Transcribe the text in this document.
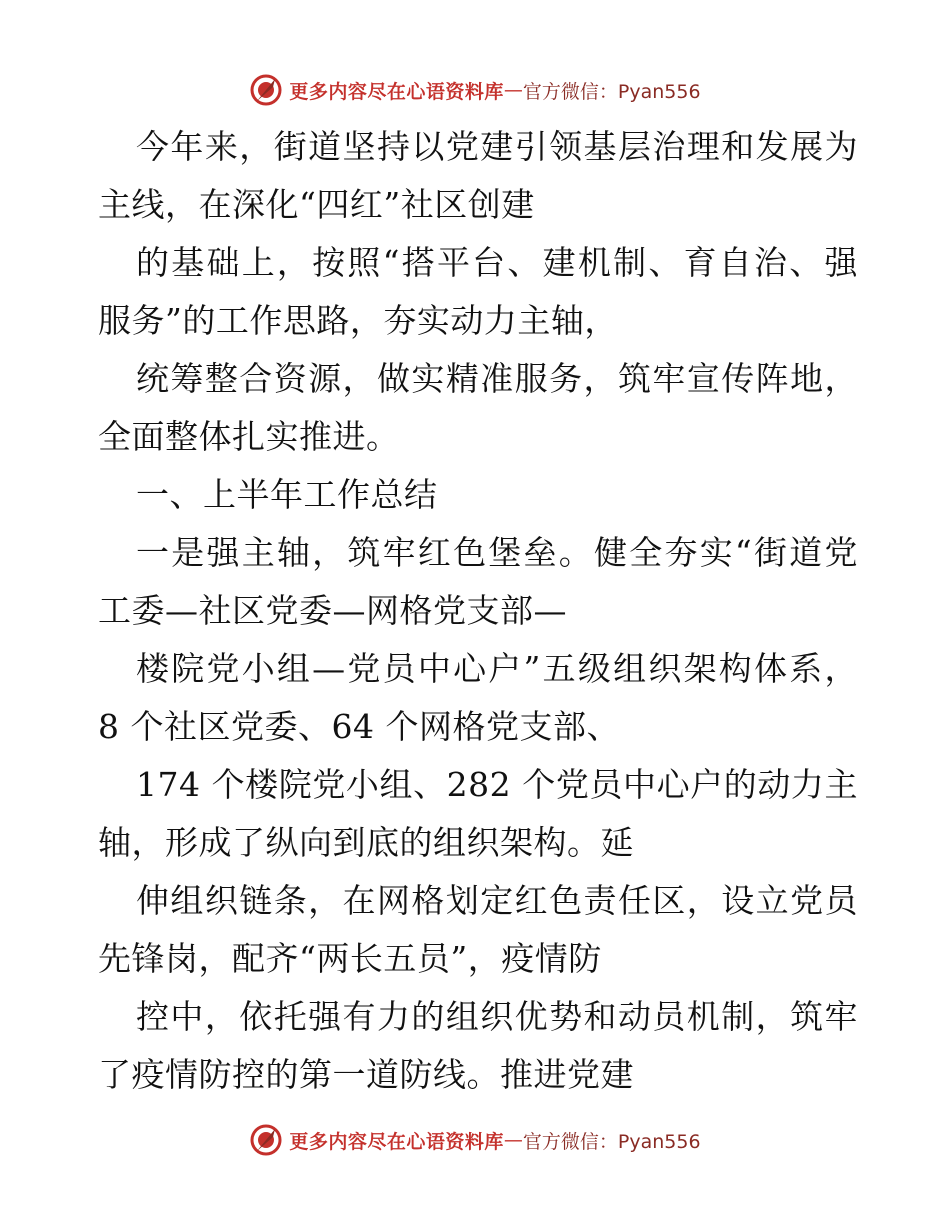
更多内容尽在心语资料库 — 官方微信：Pyan556
今年来，街道坚持以党建引领基层治理和发展为
主线，在深化“四红”社区创建
的基础上，按照“搭平台、建机制、育自治、强
服务”的工作思路，夯实动力主轴，
统筹整合资源，做实精准服务，筑牢宣传阵地，
全面整体扎实推进。
一、上半年工作总结
一是强主轴，筑牢红色堡垒。健全夯实“街道党
工委—社区党委—网格党支部—
楼院党小组—党员中心户”五级组织架构体系，
8 个社区党委、64 个网格党支部、
174 个楼院党小组、282 个党员中心户的动力主
轴，形成了纵向到底的组织架构。延
伸组织链条，在网格划定红色责任区，设立党员
先锋岗，配齐“两长五员”，疫情防
控中，依托强有力的组织优势和动员机制，筑牢
了疫情防控的第一道防线。推进党建
更多内容尽在心语资料库 — 官方微信：Pyan556
